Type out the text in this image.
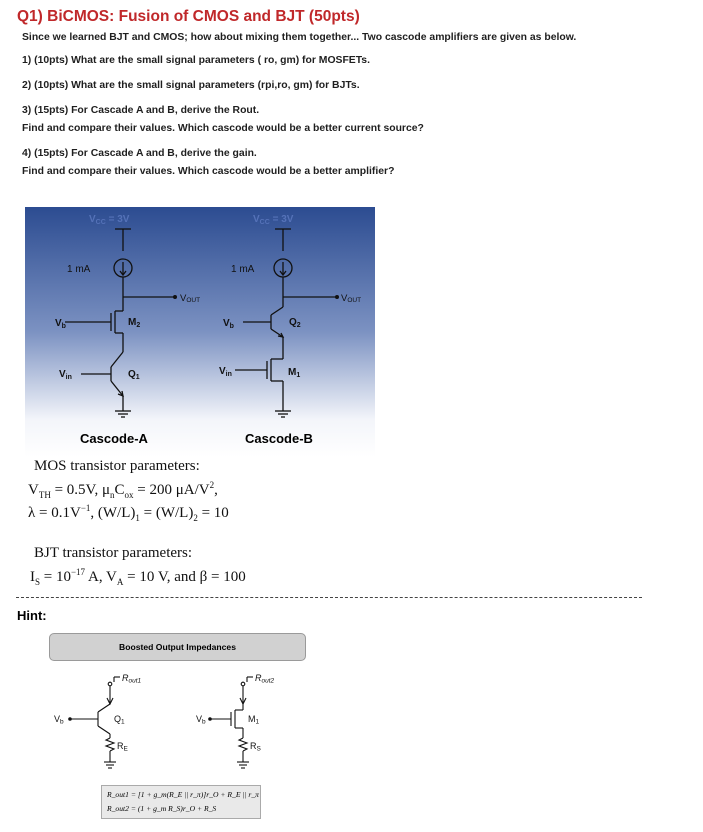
Q1) BiCMOS: Fusion of CMOS and BJT (50pts)
Since we learned BJT and CMOS; how about mixing them together... Two cascode amplifiers are given as below.
1) (10pts) What are the small signal parameters ( ro, gm) for MOSFETs.
2) (10pts) What are the small signal parameters (rpi,ro, gm) for BJTs.
3) (15pts) For Cascade A and B, derive the Rout.
Find and compare their values. Which cascode would be a better current source?
4) (15pts) For Cascade A and B, derive the gain.
Find and compare their values. Which cascode would be a better amplifier?
$V_{CC} = 3V$	$V_{CC} = 3V$
1 mA	1 mA
VOUT	VOUT
$V_b$	$V_b$
$M_2$	$Q_2$
$V_{in}$
$V_{in}$
$Q_1$	$M_1$
Cascode-A	Cascode-B
MOS transistor parameters:
$V_{TH} = 0.5V$, $\mu_nC_{ox} = 200$ $\mu A/V^2$,
$\lambda = 0.1V^{-1}$, $(W/L)_1 = (W/L)_2 = 10$
BJT transistor parameters:
$I_S = 10^{-17}$ A, $V_A = 10$ V, and β = 100
Hint:
Boosted Output Impedances
Rout1	Rout2
Vb	Vb
Q1	M1
RE	RS
R_out1 = [1 + g_m(R_E || r_π)]r_O + R_E || r_π
R_out2 = (1 + g_m R_S)r_O + R_S
